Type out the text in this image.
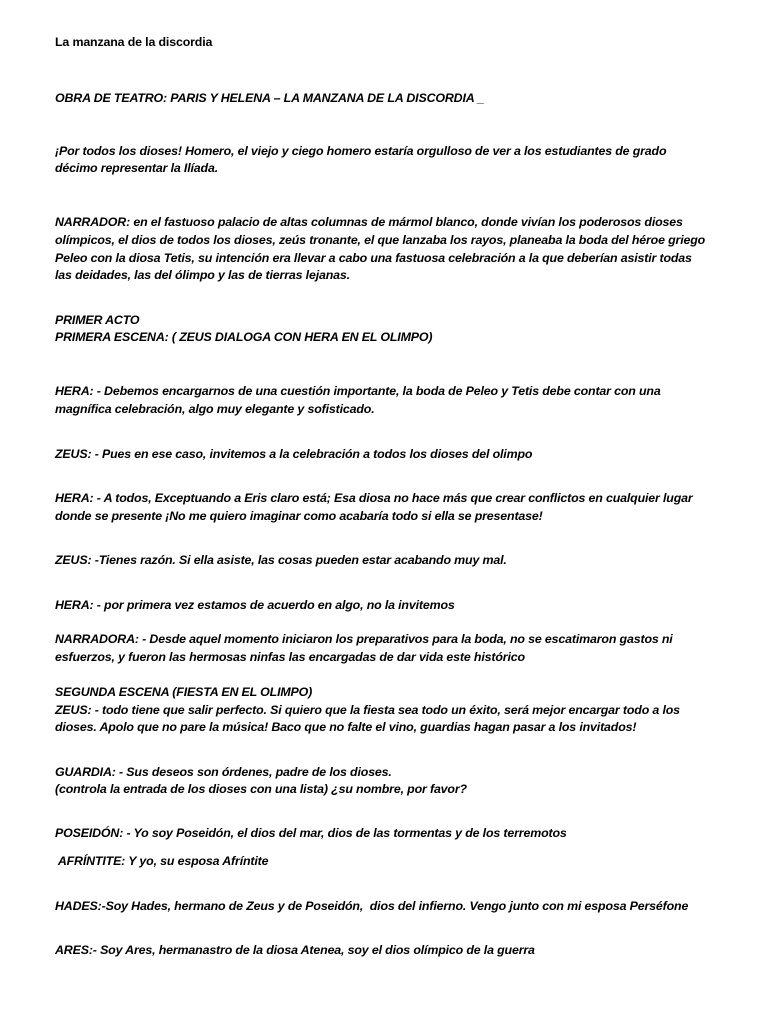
La manzana de la discordia
OBRA DE TEATRO: PARIS Y HELENA – LA MANZANA DE LA DISCORDIA _
¡Por todos los dioses! Homero, el viejo y ciego homero estaría orgulloso de ver a los estudiantes de grado
décimo representar la Ilíada.
NARRADOR: en el fastuoso palacio de altas columnas de mármol blanco, donde vivían los poderosos dioses
olímpicos, el dios de todos los dioses, zeús tronante, el que lanzaba los rayos, planeaba la boda del héroe griego
Peleo con la diosa Tetis, su intención era llevar a cabo una fastuosa celebración a la que deberían asistir todas
las deidades, las del ólimpo y las de tierras lejanas.
PRIMER ACTO
PRIMERA ESCENA: ( ZEUS DIALOGA CON HERA EN EL OLIMPO)
HERA: - Debemos encargarnos de una cuestión importante, la boda de Peleo y Tetis debe contar con una
magnífica celebración, algo muy elegante y sofisticado.
ZEUS: - Pues en ese caso, invitemos a la celebración a todos los dioses del olimpo
HERA: - A todos, Exceptuando a Eris claro está; Esa diosa no hace más que crear conflictos en cualquier lugar
donde se presente ¡No me quiero imaginar como acabaría todo si ella se presentase!
ZEUS: -Tienes razón. Si ella asiste, las cosas pueden estar acabando muy mal.
HERA: - por primera vez estamos de acuerdo en algo, no la invitemos
NARRADORA: - Desde aquel momento iniciaron los preparativos para la boda, no se escatimaron gastos ni
esfuerzos, y fueron las hermosas ninfas las encargadas de dar vida este histórico
SEGUNDA ESCENA (FIESTA EN EL OLIMPO)
ZEUS: - todo tiene que salir perfecto. Si quiero que la fiesta sea todo un éxito, será mejor encargar todo a los
dioses. Apolo que no pare la música! Baco que no falte el vino, guardias hagan pasar a los invitados!
GUARDIA: - Sus deseos son órdenes, padre de los dioses.
(controla la entrada de los dioses con una lista) ¿su nombre, por favor?
POSEIDÓN: - Yo soy Poseidón, el dios del mar, dios de las tormentas y de los terremotos
AFRÍNTITE: Y yo, su esposa Afríntite
HADES:-Soy Hades, hermano de Zeus y de Poseidón,  dios del infierno. Vengo junto con mi esposa Perséfone
ARES:- Soy Ares, hermanastro de la diosa Atenea, soy el dios olímpico de la guerra
